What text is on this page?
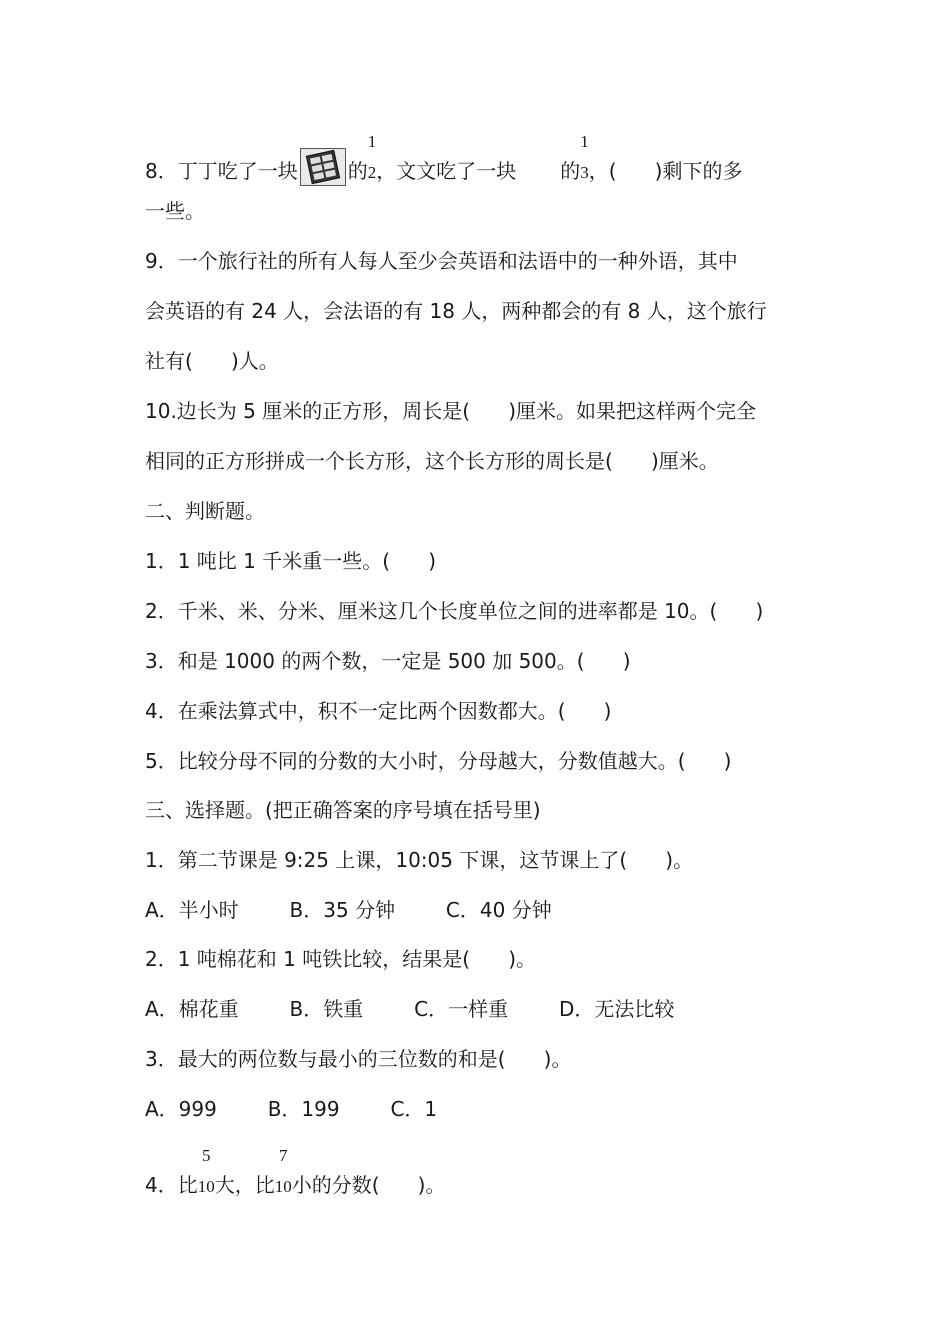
8．丁丁吃了一块	的
1
2，文文吃了一块 的
1
3，(      )剩下的多
一些。
9．一个旅行社的所有人每人至少会英语和法语中的一种外语，其中
会英语的有 24 人，会法语的有 18 人，两种都会的有 8 人，这个旅行
社有(      )人。
10.边长为 5 厘米的正方形，周长是(      )厘米。如果把这样两个完全
相同的正方形拼成一个长方形，这个长方形的周长是(      )厘米。
二、判断题。
1．1 吨比 1 千米重一些。(      )
2．千米、米、分米、厘米这几个长度单位之间的进率都是 10。(      )
3．和是 1000 的两个数，一定是 500 加 500。(      )
4．在乘法算式中，积不一定比两个因数都大。(      )
5．比较分母不同的分数的大小时，分母越大，分数值越大。(      )
三、选择题。(把正确答案的序号填在括号里)
1．第二节课是 9:25 上课，10:05 下课，这节课上了(      )。
A．半小时        B．35 分钟        C．40 分钟
2．1 吨棉花和 1 吨铁比较，结果是(      )。
A．棉花重        B．铁重        C．一样重        D．无法比较
3．最大的两位数与最小的三位数的和是(      )。
A．999        B．199        C．1
4．比
5
10大，比
7
10小的分数(      )。
